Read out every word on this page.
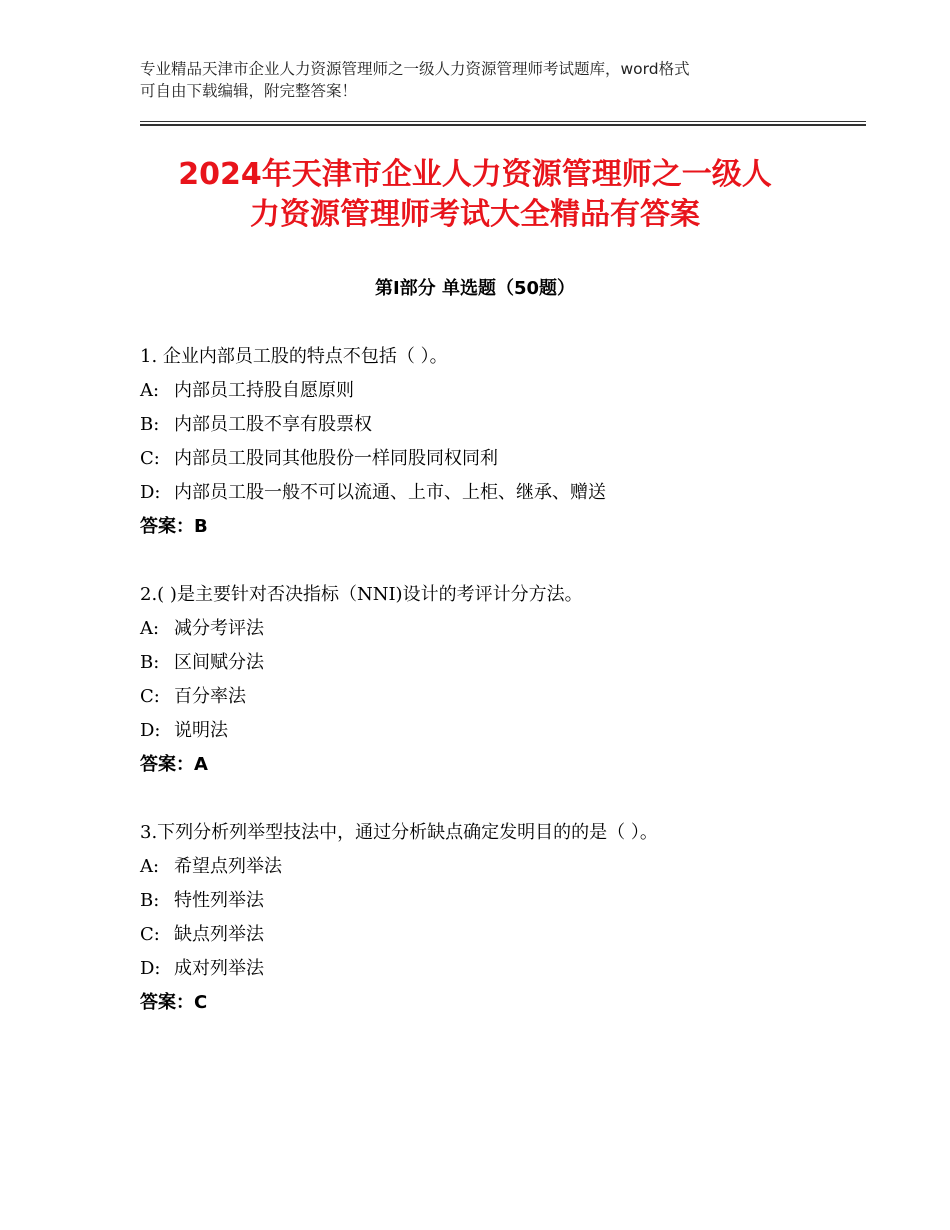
专业精品天津市企业人力资源管理师之一级人力资源管理师考试题库，word格式

可自由下载编辑，附完整答案！

2024年天津市企业人力资源管理师之一级人
力资源管理师考试大全精品有答案
第Ⅰ部分 单选题（50题）
1. 企业内部员工股的特点不包括（ ）。
A: 内部员工持股自愿原则
B: 内部员工股不享有股票权
C: 内部员工股同其他股份一样同股同权同利
D: 内部员工股一般不可以流通、上市、上柜、继承、赠送
答案：B
2.( )是主要针对否决指标（NNI)设计的考评计分方法。
A: 减分考评法
B: 区间赋分法
C: 百分率法
D: 说明法
答案：A
3.下列分析列举型技法中，通过分析缺点确定发明目的的是（ ）。
A: 希望点列举法
B: 特性列举法
C: 缺点列举法
D: 成对列举法
答案：C
